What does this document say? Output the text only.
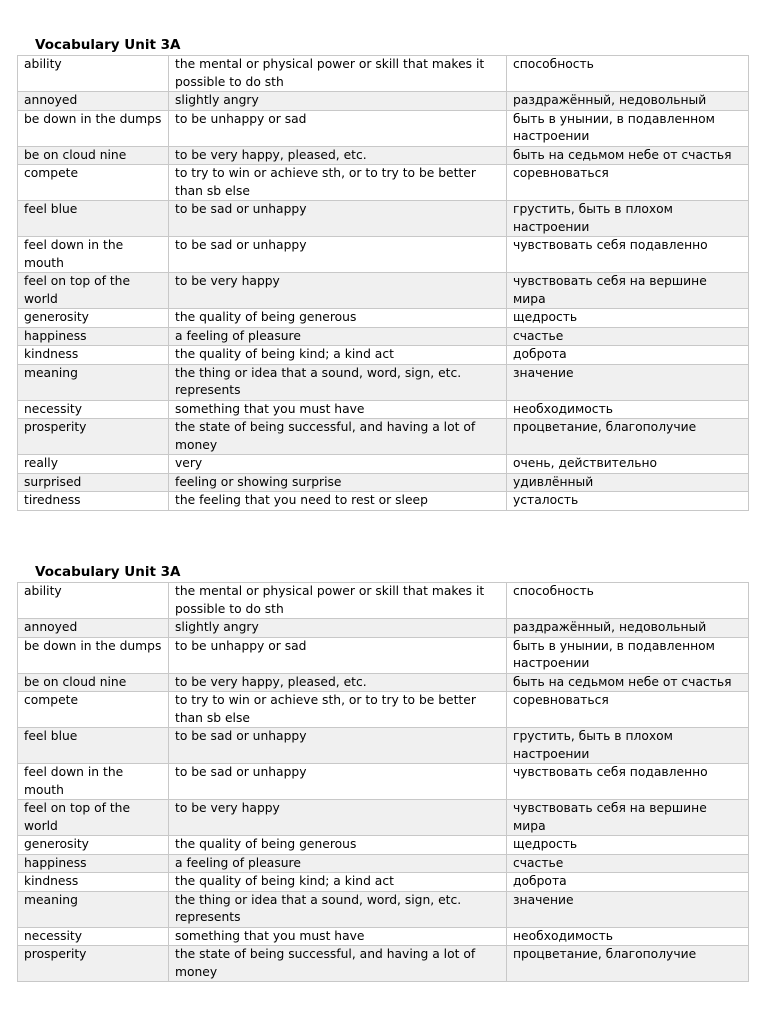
Vocabulary Unit 3A
ability	the mental or physical power or skill that makes it possible to do sth	способность
annoyed	slightly angry	раздражённый, недовольный
be down in the dumps	to be unhappy or sad	быть в унынии, в подавленном настроении
be on cloud nine	to be very happy, pleased, etc.	быть на седьмом небе от счастья
compete	to try to win or achieve sth, or to try to be better than sb else	соревноваться
feel blue	to be sad or unhappy	грустить, быть в плохом настроении
feel down in the mouth	to be sad or unhappy	чувствовать себя подавленно
feel on top of the world	to be very happy	чувствовать себя на вершине мира
generosity	the quality of being generous	щедрость
happiness	a feeling of pleasure	счастье
kindness	the quality of being kind; a kind act	доброта
meaning	the thing or idea that a sound, word, sign, etc. represents	значение
necessity	something that you must have	необходимость
prosperity	the state of being successful, and having a lot of money	процветание, благополучие
really	very	очень, действительно
surprised	feeling or showing surprise	удивлённый
tiredness	the feeling that you need to rest or sleep	усталость
Vocabulary Unit 3A
ability	the mental or physical power or skill that makes it possible to do sth	способность
annoyed	slightly angry	раздражённый, недовольный
be down in the dumps	to be unhappy or sad	быть в унынии, в подавленном настроении
be on cloud nine	to be very happy, pleased, etc.	быть на седьмом небе от счастья
compete	to try to win or achieve sth, or to try to be better than sb else	соревноваться
feel blue	to be sad or unhappy	грустить, быть в плохом настроении
feel down in the mouth	to be sad or unhappy	чувствовать себя подавленно
feel on top of the world	to be very happy	чувствовать себя на вершине мира
generosity	the quality of being generous	щедрость
happiness	a feeling of pleasure	счастье
kindness	the quality of being kind; a kind act	доброта
meaning	the thing or idea that a sound, word, sign, etc. represents	значение
necessity	something that you must have	необходимость
prosperity	the state of being successful, and having a lot of money	процветание, благополучие
